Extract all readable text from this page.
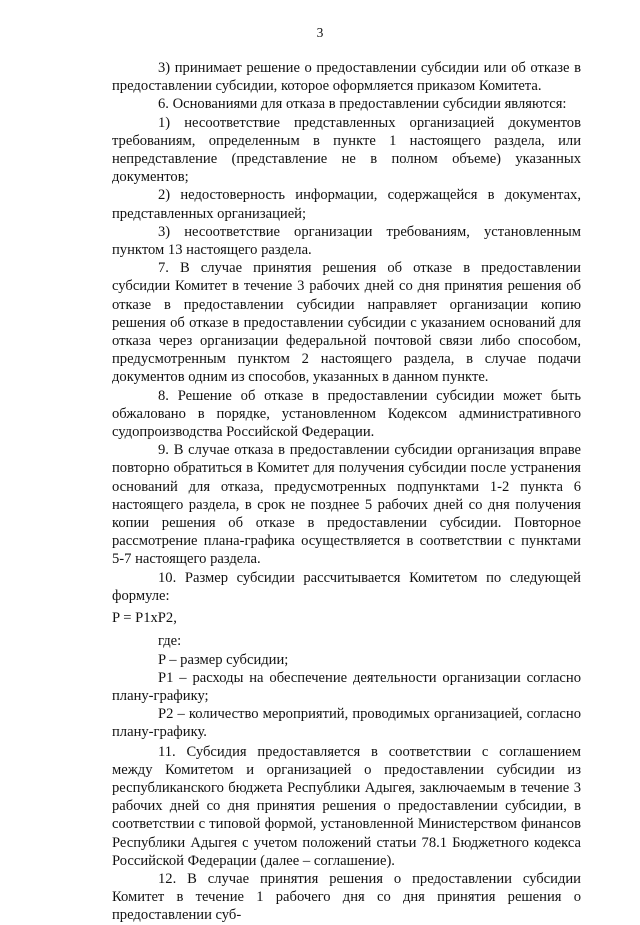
3

3) принимает решение о предоставлении субсидии или об отказе в предоставлении субсидии, которое оформляется приказом Комитета.

6. Основаниями для отказа в предоставлении субсидии являются:

1) несоответствие представленных организацией документов требованиям, определенным в пункте 1 настоящего раздела, или непредставление (представление не в полном объеме) указанных документов;

2) недостоверность информации, содержащейся в документах, представленных организацией;

3) несоответствие организации требованиям, установленным пунктом 13 настоящего раздела.

7. В случае принятия решения об отказе в предоставлении субсидии Комитет в течение 3 рабочих дней со дня принятия решения об отказе в предоставлении субсидии направляет организации копию решения об отказе в предоставлении субсидии с указанием оснований для отказа через организации федеральной почтовой связи либо способом, предусмотренным пунктом 2 настоящего раздела, в случае подачи документов одним из способов, указанных в данном пункте.

8. Решение об отказе в предоставлении субсидии может быть обжаловано в порядке, установленном Кодексом административного судопроизводства Российской Федерации.

9. В случае отказа в предоставлении субсидии организация вправе повторно обратиться в Комитет для получения субсидии после устранения оснований для отказа, предусмотренных подпунктами 1-2 пункта 6 настоящего раздела, в срок не позднее 5 рабочих дней со дня получения копии решения об отказе в предоставлении субсидии. Повторное рассмотрение плана-графика осуществляется в соответствии с пунктами 5-7 настоящего раздела.

10. Размер субсидии рассчитывается Комитетом по следующей формуле:

P = P1xP2,

где:

P – размер субсидии;

P1 – расходы на обеспечение деятельности организации согласно плану-графику;

P2 – количество мероприятий, проводимых организацией, согласно плану-графику.

11. Субсидия предоставляется в соответствии с соглашением между Комитетом и организацией о предоставлении субсидии из республиканского бюджета Республики Адыгея, заключаемым в течение 3 рабочих дней со дня принятия решения о предоставлении субсидии, в соответствии с типовой формой, установленной Министерством финансов Республики Адыгея с учетом положений статьи 78.1 Бюджетного кодекса Российской Федерации (далее – соглашение).

12. В случае принятия решения о предоставлении субсидии Комитет в течение 1 рабочего дня со дня принятия решения о предоставлении суб-
